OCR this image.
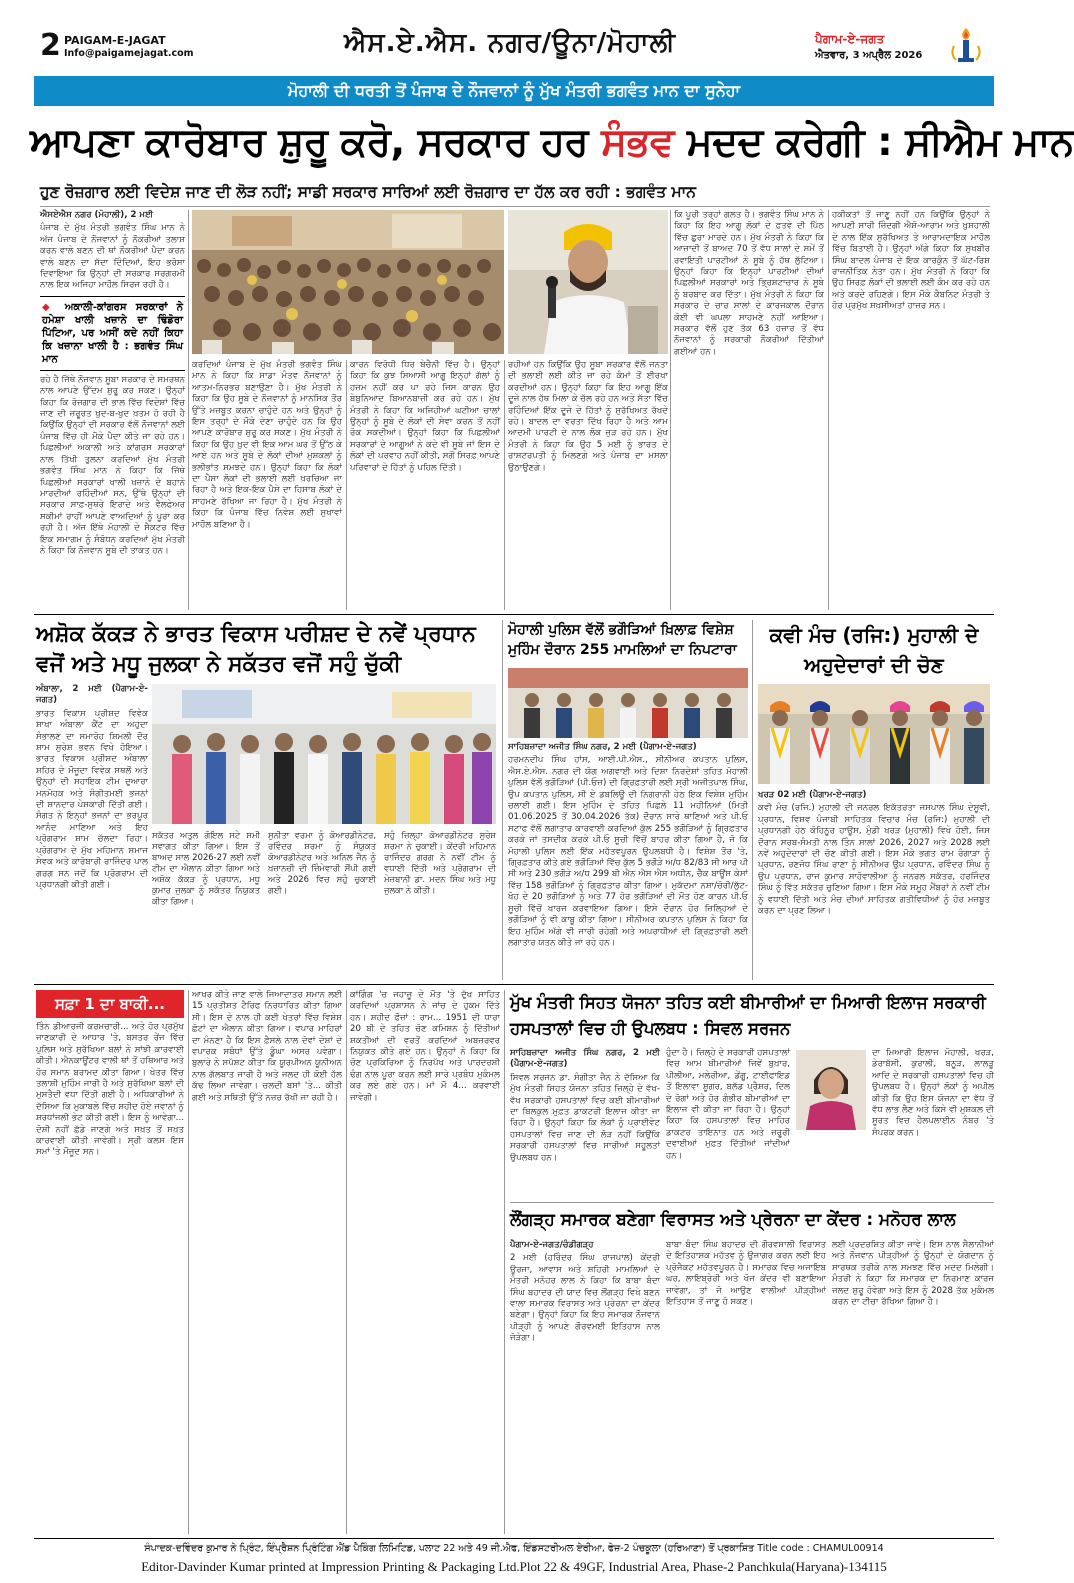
2 PAIGAM-E-JAGAT
Info@paigamejagat.com	ਐਸ.ਏ.ਐਸ. ਨਗਰ/ਊਨਾ/ਮੋਹਾਲੀ	ਪੈਗਾਮ-ਏ-ਜਗਤ
ਐਤਵਾਰ, 3 ਅਪ੍ਰੈਲ 2026
ਮੋਹਾਲੀ ਦੀ ਧਰਤੀ ਤੋਂ ਪੰਜਾਬ ਦੇ ਨੌਜਵਾਨਾਂ ਨੂੰ ਮੁੱਖ ਮੰਤਰੀ ਭਗਵੰਤ ਮਾਨ ਦਾ ਸੁਨੇਹਾ
ਆਪਣਾ ਕਾਰੋਬਾਰ ਸ਼ੁਰੂ ਕਰੋ, ਸਰਕਾਰ ਹਰ ਸੰਭਵ ਮਦਦ ਕਰੇਗੀ : ਸੀਐਮ ਮਾਨ
ਹੁਣ ਰੋਜ਼ਗਾਰ ਲਈ ਵਿਦੇਸ਼ ਜਾਣ ਦੀ ਲੋੜ ਨਹੀਂ; ਸਾਡੀ ਸਰਕਾਰ ਸਾਰਿਆਂ ਲਈ ਰੋਜ਼ਗਾਰ ਦਾ ਹੱਲ ਕਰ ਰਹੀ : ਭਗਵੰਤ ਮਾਨ

ਐਸਏਐਸ ਨਗਰ (ਮੋਹਾਲੀ), 2 ਮਈ

ਪੰਜਾਬ ਦੇ ਮੁੱਖ ਮੰਤਰੀ ਭਗਵੰਤ ਸਿੰਘ ਮਾਨ ਨੇ ਅੱਜ ਪੰਜਾਬ ਦੇ ਨੌਜਵਾਨਾਂ ਨੂੰ ਨੌਕਰੀਆਂ ਤਲਾਸ਼ ਕਰਨ ਵਾਲੇ ਬਣਨ ਦੀ ਥਾਂ ਨੌਕਰੀਆਂ ਪੈਦਾ ਕਰਨ ਵਾਲੇ ਬਣਨ ਦਾ ਸੱਦਾ ਦਿੰਦਿਆਂ, ਇਹ ਭਰੋਸਾ ਦਿਵਾਇਆ ਕਿ ਉਨ੍ਹਾਂ ਦੀ ਸਰਕਾਰ ਸਰਗਰਮੀ ਨਾਲ ਇਕ ਅਜਿਹਾ ਮਾਹੌਲ ਸਿਰਜ ਰਹੀ ਹੈ।

◆ ਅਕਾਲੀ-ਕਾਂਗਰਸ ਸਰਕਾਰਾਂ ਨੇ ਹਮੇਸ਼ਾ ਖਾਲੀ ਖਜ਼ਾਨੇ ਦਾ ਢਿੰਡੋਰਾ ਪਿੱਟਿਆ, ਪਰ ਅਸੀਂ ਕਦੇ ਨਹੀਂ ਕਿਹਾ ਕਿ ਖਜ਼ਾਨਾ ਖਾਲੀ ਹੈ : ਭਗਵੰਤ ਸਿੰਘ ਮਾਨ

ਰਹੇ ਹੈ ਜਿੱਥੇ ਨੌਜਵਾਨ ਸੂਬਾ ਸਰਕਾਰ ਦੇ ਸਮਰਥਨ ਨਾਲ ਆਪਣੇ ਉੱਦਮ ਸ਼ੁਰੂ ਕਰ ਸਕਣ। ਉਨ੍ਹਾਂ ਕਿਹਾ ਕਿ ਰੋਜ਼ਗਾਰ ਦੀ ਭਾਲ ਵਿੱਚ ਵਿਦੇਸ਼ਾਂ ਵਿੱਚ ਜਾਣ ਦੀ ਜ਼ਰੂਰਤ ਖੁਦ-ਬ-ਖੁਦ ਖ਼ਤਮ ਹੋ ਰਹੀ ਹੈ ਕਿਉਂਕਿ ਉਨ੍ਹਾਂ ਦੀ ਸਰਕਾਰ ਵੱਲੋਂ ਨੌਜਵਾਨਾਂ ਲਈ ਪੰਜਾਬ ਵਿੱਚ ਹੀ ਮੌਕੇ ਪੈਦਾ ਕੀਤੇ ਜਾ ਰਹੇ ਹਨ। ਪਿਛਲੀਆਂ ਅਕਾਲੀ ਅਤੇ ਕਾਂਗਰਸ ਸਰਕਾਰਾਂ ਨਾਲ ਤਿੱਖੀ ਤੁਲਨਾ ਕਰਦਿਆਂ ਮੁੱਖ ਮੰਤਰੀ ਭਗਵੰਤ ਸਿੰਘ ਮਾਨ ਨੇ ਕਿਹਾ ਕਿ ਜਿੱਥੇ ਪਿਛਲੀਆਂ ਸਰਕਾਰਾਂ ਖਾਲੀ ਖਜ਼ਾਨੇ ਦੇ ਬਹਾਨੇ ਮਾਰਦੀਆਂ ਰਹਿੰਦੀਆਂ ਸਨ, ਉੱਥੇ ਉਨ੍ਹਾਂ ਦੀ ਸਰਕਾਰ ਸਾਫ਼-ਸੁਥਰੇ ਇਰਾਦੇ ਅਤੇ ਵੈਲਫੇਅਰ ਸਕੀਮਾਂ ਰਾਹੀਂ ਆਪਣੇ ਵਾਅਦਿਆਂ ਨੂੰ ਪੂਰਾ ਕਰ ਰਹੀ ਹੈ। ਅੱਜ ਇੱਥੇ ਮੋਹਾਲੀ ਦੇ ਸੈਕਟਰ ਵਿੱਚ ਇਕ ਸਮਾਗਮ ਨੂੰ ਸੰਬੋਧਨ ਕਰਦਿਆਂ ਮੁੱਖ ਮੰਤਰੀ ਨੇ ਕਿਹਾ ਕਿ ਨੌਜਵਾਨ ਸੂਬੇ ਦੀ ਤਾਕਤ ਹਨ।

ਕਰਦਿਆਂ ਪੰਜਾਬ ਦੇ ਮੁੱਖ ਮੰਤਰੀ ਭਗਵੰਤ ਸਿੰਘ ਮਾਨ ਨੇ ਕਿਹਾ ਕਿ ਸਾਡਾ ਮੰਤਵ ਨੌਜਵਾਨਾਂ ਨੂੰ ਆਤਮ-ਨਿਰਭਰ ਬਣਾਉਣਾ ਹੈ। ਮੁੱਖ ਮੰਤਰੀ ਨੇ ਕਿਹਾ ਕਿ ਉਹ ਸੂਬੇ ਦੇ ਨੌਜਵਾਨਾਂ ਨੂੰ ਮਾਨਸਿਕ ਤੌਰ ਉੱਤੇ ਮਜ਼ਬੂਤ ਕਰਨਾ ਚਾਹੁੰਦੇ ਹਨ ਅਤੇ ਉਨ੍ਹਾਂ ਨੂੰ ਇਸ ਤਰ੍ਹਾਂ ਦੇ ਮੌਕੇ ਦੇਣਾ ਚਾਹੁੰਦੇ ਹਨ ਕਿ ਉਹ ਆਪਣੇ ਕਾਰੋਬਾਰ ਸ਼ੁਰੂ ਕਰ ਸਕਣ। ਮੁੱਖ ਮੰਤਰੀ ਨੇ ਕਿਹਾ ਕਿ ਉਹ ਖ਼ੁਦ ਵੀ ਇਕ ਆਮ ਘਰ ਤੋਂ ਉੱਠ ਕੇ ਆਏ ਹਨ ਅਤੇ ਸੂਬੇ ਦੇ ਲੋਕਾਂ ਦੀਆਂ ਮੁਸ਼ਕਲਾਂ ਨੂੰ ਭਲੀਭਾਂਤ ਸਮਝਦੇ ਹਨ। ਉਨ੍ਹਾਂ ਕਿਹਾ ਕਿ ਲੋਕਾਂ ਦਾ ਪੈਸਾ ਲੋਕਾਂ ਦੀ ਭਲਾਈ ਲਈ ਖ਼ਰਚਿਆ ਜਾ ਰਿਹਾ ਹੈ ਅਤੇ ਇਕ-ਇਕ ਪੈਸੇ ਦਾ ਹਿਸਾਬ ਲੋਕਾਂ ਦੇ ਸਾਹਮਣੇ ਰੱਖਿਆ ਜਾ ਰਿਹਾ ਹੈ। ਮੁੱਖ ਮੰਤਰੀ ਨੇ ਕਿਹਾ ਕਿ ਪੰਜਾਬ ਵਿੱਚ ਨਿਵੇਸ਼ ਲਈ ਸੁਖਾਵਾਂ ਮਾਹੌਲ ਬਣਿਆ ਹੈ।
ਕਾਰਨ ਵਿਰੋਧੀ ਧਿਰ ਬੇਚੈਨੀ ਵਿੱਚ ਹੈ। ਉਨ੍ਹਾਂ ਕਿਹਾ ਕਿ ਕੁਝ ਸਿਆਸੀ ਆਗੂ ਇਨ੍ਹਾਂ ਗੱਲਾਂ ਨੂੰ ਹਜ਼ਮ ਨਹੀਂ ਕਰ ਪਾ ਰਹੇ ਜਿਸ ਕਾਰਨ ਉਹ ਬੇਬੁਨਿਆਦ ਬਿਆਨਬਾਜ਼ੀ ਕਰ ਰਹੇ ਹਨ। ਮੁੱਖ ਮੰਤਰੀ ਨੇ ਕਿਹਾ ਕਿ ਅਜਿਹੀਆਂ ਘਟੀਆ ਚਾਲਾਂ ਉਨ੍ਹਾਂ ਨੂੰ ਸੂਬੇ ਦੇ ਲੋਕਾਂ ਦੀ ਸੇਵਾ ਕਰਨ ਤੋਂ ਨਹੀਂ ਰੋਕ ਸਕਦੀਆਂ। ਉਨ੍ਹਾਂ ਕਿਹਾ ਕਿ ਪਿਛਲੀਆਂ ਸਰਕਾਰਾਂ ਦੇ ਆਗੂਆਂ ਨੇ ਕਦੇ ਵੀ ਸੂਬੇ ਜਾਂ ਇਸ ਦੇ ਲੋਕਾਂ ਦੀ ਪਰਵਾਹ ਨਹੀਂ ਕੀਤੀ, ਸਗੋਂ ਸਿਰਫ਼ ਆਪਣੇ ਪਰਿਵਾਰਾਂ ਦੇ ਹਿੱਤਾਂ ਨੂੰ ਪਹਿਲ ਦਿੱਤੀ।
ਰਹੀਆਂ ਹਨ ਕਿਉਂਕਿ ਉਹ ਸੂਬਾ ਸਰਕਾਰ ਵੱਲੋਂ ਜਨਤਾ ਦੀ ਭਲਾਈ ਲਈ ਕੀਤੇ ਜਾ ਰਹੇ ਕੰਮਾਂ ਤੋਂ ਈਰਖਾ ਕਰਦੀਆਂ ਹਨ। ਉਨ੍ਹਾਂ ਕਿਹਾ ਕਿ ਇਹ ਆਗੂ ਇੱਕ ਦੂਜੇ ਨਾਲ ਹੱਥ ਮਿਲਾ ਕੇ ਚੱਲ ਰਹੇ ਹਨ ਅਤੇ ਸੱਤਾ ਵਿੱਚ ਰਹਿੰਦਿਆਂ ਇੱਕ ਦੂਜੇ ਦੇ ਹਿੱਤਾਂ ਨੂੰ ਸੁਰੱਖਿਅਤ ਰੱਖਦੇ ਰਹੇ। ਬਾਦਲ ਦਾ ਵਰਤਾ ਦਿੱਖ ਰਿਹਾ ਹੈ ਅਤੇ ਆਮ ਆਦਮੀ ਪਾਰਟੀ ਦੇ ਨਾਲ ਲੋਕ ਜੁੜ ਰਹੇ ਹਨ। ਮੁੱਖ ਮੰਤਰੀ ਨੇ ਕਿਹਾ ਕਿ ਉਹ 5 ਮਈ ਨੂੰ ਭਾਰਤ ਦੇ ਰਾਸ਼ਟਰਪਤੀ ਨੂੰ ਮਿਲਣਗੇ ਅਤੇ ਪੰਜਾਬ ਦਾ ਮਸਲਾ ਉਠਾਉਣਗੇ।
ਕਿ ਪੂਰੀ ਤਰ੍ਹਾਂ ਗਲਤ ਹੈ। ਭਗਵੰਤ ਸਿੰਘ ਮਾਨ ਨੇ ਕਿਹਾ ਕਿ ਇਹ ਆਗੂ ਲੋਕਾਂ ਦੇ ਫ਼ਤਵੇ ਦੀ ਪਿੱਠ ਵਿੱਚ ਛੁਰਾ ਮਾਰਦੇ ਹਨ। ਮੁੱਖ ਮੰਤਰੀ ਨੇ ਕਿਹਾ ਕਿ ਆਜ਼ਾਦੀ ਤੋਂ ਬਾਅਦ 70 ਤੋਂ ਵੱਧ ਸਾਲਾਂ ਦੇ ਸਮੇਂ ਤੋਂ ਰਵਾਇਤੀ ਪਾਰਟੀਆਂ ਨੇ ਸੂਬੇ ਨੂੰ ਹੱਥ ਲੁੱਟਿਆ। ਉਨ੍ਹਾਂ ਕਿਹਾ ਕਿ ਇਨ੍ਹਾਂ ਪਾਰਟੀਆਂ ਦੀਆਂ ਪਿਛਲੀਆਂ ਸਰਕਾਰਾਂ ਅਤੇ ਭ੍ਰਿਸ਼ਟਾਚਾਰ ਨੇ ਸੂਬੇ ਨੂੰ ਬਰਬਾਦ ਕਰ ਦਿੱਤਾ। ਮੁੱਖ ਮੰਤਰੀ ਨੇ ਕਿਹਾ ਕਿ ਸਰਕਾਰ ਦੇ ਚਾਰ ਸਾਲਾਂ ਦੇ ਕਾਰਜਕਾਲ ਦੌਰਾਨ ਕੋਈ ਵੀ ਘਪਲਾ ਸਾਹਮਣੇ ਨਹੀਂ ਆਇਆ। ਸਰਕਾਰ ਵੱਲੋਂ ਹੁਣ ਤੱਕ 63 ਹਜ਼ਾਰ ਤੋਂ ਵੱਧ ਨੌਜਵਾਨਾਂ ਨੂੰ ਸਰਕਾਰੀ ਨੌਕਰੀਆਂ ਦਿੱਤੀਆਂ ਗਈਆਂ ਹਨ।
ਹਕੀਕਤਾਂ ਤੋਂ ਜਾਣੂ ਨਹੀਂ ਹਨ ਕਿਉਂਕਿ ਉਨ੍ਹਾਂ ਨੇ ਆਪਣੀ ਸਾਰੀ ਜ਼ਿੰਦਗੀ ਐਸ਼ੋ-ਆਰਾਮ ਅਤੇ ਖ਼ੁਸ਼ਹਾਲੀ ਦੇ ਨਾਲ ਇੱਕ ਸੁਰੱਖਿਅਤ ਤੇ ਆਰਾਮਦਾਇਕ ਮਾਹੌਲ ਵਿੱਚ ਬਿਤਾਈ ਹੈ। ਉਨ੍ਹਾਂ ਅੱਗੇ ਕਿਹਾ ਕਿ ਸੁਖਬੀਰ ਸਿੰਘ ਬਾਦਲ ਪੰਜਾਬ ਦੇ ਇਕ ਕਾਰਕੁੰਨ ਤੋਂ ਘੱਟ-ਰਿਸ਼ ਰਾਜਨੀਤਿਕ ਨੇਤਾ ਹਨ। ਮੁੱਖ ਮੰਤਰੀ ਨੇ ਕਿਹਾ ਕਿ ਉਹ ਸਿਰਫ਼ ਲੋਕਾਂ ਦੀ ਭਲਾਈ ਲਈ ਕੰਮ ਕਰ ਰਹੇ ਹਨ ਅਤੇ ਕਰਦੇ ਰਹਿਣਗੇ। ਇਸ ਮੌਕੇ ਕੈਬਨਿਟ ਮੰਤਰੀ ਤੇ ਹੋਰ ਪ੍ਰਮੁੱਖ ਸ਼ਖ਼ਸੀਅਤਾਂ ਹਾਜ਼ਰ ਸਨ।
ਅਸ਼ੋਕ ਕੱਕੜ ਨੇ ਭਾਰਤ ਵਿਕਾਸ ਪਰੀਸ਼ਦ ਦੇ ਨਵੇਂ ਪ੍ਰਧਾਨ ਵਜੋਂ ਅਤੇ ਮਧੂ ਜੁਲਕਾ ਨੇ ਸਕੱਤਰ ਵਜੋਂ ਸਹੁੰ ਚੁੱਕੀ

ਅੰਬਾਲਾ, 2 ਮਈ (ਪੈਗਾਮ-ਏ-ਜਗਤ)

ਭਾਰਤ ਵਿਕਾਸ ਪ੍ਰੀਸ਼ਦ ਵਿਵੇਕ ਸ਼ਾਖਾ ਅੰਬਾਲਾ ਕੈਂਟ ਦਾ ਅਹੁਦਾ ਸੰਭਾਲਣ ਦਾ ਸਮਾਰੋਹ ਸ਼ਿਮਲੀ ਦੌਰ ਸ਼ਾਮ ਸੁਰੇਸ਼ ਭਵਨ ਵਿਖੇ ਹੋਇਆ। ਭਾਰਤ ਵਿਕਾਸ ਪ੍ਰੀਸ਼ਦ ਅੰਬਾਲਾ ਸ਼ਹਿਰ ਦੇ ਮੌਜੂਦਾ ਵਿਵੇਕ ਸਥਲੋਂ ਅਤੇ ਉਨ੍ਹਾਂ ਦੀ ਸਹਾਇਕ ਟੀਮ ਦੁਆਰਾ ਮਨਮੋਹਕ ਅਤੇ ਸੰਗੀਤਮਈ ਭਜਨਾਂ ਦੀ ਸ਼ਾਨਦਾਰ ਪੇਸ਼ਕਾਰੀ ਦਿੱਤੀ ਗਈ। ਸੰਗਤ ਨੇ ਇਨ੍ਹਾਂ ਭਜਨਾਂ ਦਾ ਭਰਪੂਰ ਆਨੰਦ ਮਾਣਿਆ ਅਤੇ ਇਹ ਪ੍ਰੋਗਰਾਮ ਸ਼ਾਮ ਚੱਲਦਾ ਰਿਹਾ। ਪ੍ਰੋਗਰਾਮ ਦੇ ਮੁੱਖ ਮਹਿਮਾਨ ਸਮਾਜ ਸੇਵਕ ਅਤੇ ਕਾਰੋਬਾਰੀ ਰਾਜਿੰਦਰ ਪਾਲ ਗਰਗ ਸਨ ਜਦੋਂ ਕਿ ਪ੍ਰੋਗਰਾਮ ਦੀ ਪ੍ਰਧਾਨਗੀ ਕੀਤੀ ਗਈ।

ਸਕੱਤਰ ਅਤੁਲ ਗੋਇਲ ਸਟੇ ਸਮੀ ਸਵਾਗਤ ਕੀਤਾ ਗਿਆ। ਇਸ ਤੋਂ ਬਾਅਦ ਸਾਲ 2026-27 ਲਈ ਨਵੀਂ ਟੀਮ ਦਾ ਐਲਾਨ ਕੀਤਾ ਗਿਆ ਅਤੇ ਅਸ਼ੋਕ ਕੱਕੜ ਨੂੰ ਪ੍ਰਧਾਨ, ਮਧੂ ਕੁਮਾਰ ਜੁਲਕਾ ਨੂੰ ਸਕੱਤਰ ਨਿਯੁਕਤ ਕੀਤਾ ਗਿਆ।
ਸੁਨੀਤਾ ਵਰਮਾ ਨੂੰ ਕੋਆਰਡੀਨੇਟਰ, ਰਵਿੰਦਰ ਸ਼ਰਮਾ ਨੂੰ ਸੰਯੁਕਤ ਕੋਆਰਡੀਨੇਟਰ ਅਤੇ ਅਨਿਲ ਜੈਨ ਨੂੰ ਖ਼ਜ਼ਾਨਚੀ ਦੀ ਜ਼ਿੰਮੇਵਾਰੀ ਸੌਂਪੀ ਗਈ ਅਤੇ 2026 ਵਿਚ ਸਹੁੰ ਚੁਕਾਈ ਗਈ।
ਸਹੁੰ ਜ਼ਿਲ੍ਹਾ ਕੋਆਰਡੀਨੇਟਰ ਸੁਰੇਸ਼ ਸ਼ਰਮਾ ਨੇ ਚੁਕਾਈ। ਕੇਂਦਰੀ ਮਹਿਮਾਨ ਰਾਜਿੰਦਰ ਗਰਗ ਨੇ ਨਵੀਂ ਟੀਮ ਨੂੰ ਵਧਾਈ ਦਿੱਤੀ ਅਤੇ ਪ੍ਰੋਗਰਾਮ ਦੀ ਮੇਜ਼ਬਾਨੀ ਡਾ. ਮਦਨ ਸਿੰਘ ਅਤੇ ਮਧੂ ਜੁਲਕਾ ਨੇ ਕੀਤੀ।
ਮੋਹਾਲੀ ਪੁਲਿਸ ਵੱਲੋਂ ਭਗੌੜਿਆਂ ਖ਼ਿਲਾਫ਼ ਵਿਸ਼ੇਸ਼ ਮੁਹਿੰਮ ਦੌਰਾਨ 255 ਮਾਮਲਿਆਂ ਦਾ ਨਿਪਟਾਰਾ

ਸਾਹਿਬਜ਼ਾਦਾ ਅਜੀਤ ਸਿੰਘ ਨਗਰ, 2 ਮਈ (ਪੈਗਾਮ-ਏ-ਜਗਤ)

ਹਰਮਨਦੀਪ ਸਿੰਘ ਹਾਂਸ, ਆਈ.ਪੀ.ਐਸ., ਸੀਨੀਅਰ ਕਪਤਾਨ ਪੁਲਿਸ, ਐਸ.ਏ.ਐਸ. ਨਗਰ ਦੀ ਯੋਗ ਅਗਵਾਈ ਅਤੇ ਦਿਸ਼ਾ ਨਿਰਦੇਸ਼ਾਂ ਤਹਿਤ ਮੋਹਾਲੀ ਪੁਲਿਸ ਵੱਲੋਂ ਭਗੌੜਿਆਂ (ਪੀ.ਓਜ਼) ਦੀ ਗ੍ਰਿਫ਼ਤਾਰੀ ਲਈ ਸ੍ਰੀ ਅਜੀਤਪਾਲ ਸਿੰਘ, ਉਪ ਕਪਤਾਨ ਪੁਲਿਸ, ਸੀ ਏ ਡਬਲਿਊ ਦੀ ਨਿਗਰਾਨੀ ਹੇਠ ਇਕ ਵਿਸ਼ੇਸ਼ ਮੁਹਿੰਮ ਚਲਾਈ ਗਈ। ਇਸ ਮੁਹਿੰਮ ਦੇ ਤਹਿਤ ਪਿਛਲੇ 11 ਮਹੀਨਿਆਂ (ਮਿਤੀ 01.06.2025 ਤੋਂ 30.04.2026 ਤੱਕ) ਦੌਰਾਨ ਸਾਰੇ ਥਾਣਿਆਂ ਅਤੇ ਪੀ.ਓ ਸਟਾਫ ਵੱਲੋਂ ਲਗਾਤਾਰ ਕਾਰਵਾਈ ਕਰਦਿਆਂ ਕੁੱਲ 255 ਭਗੌੜਿਆਂ ਨੂੰ ਗ੍ਰਿਫ਼ਤਾਰ ਕਰਕੇ ਜਾਂ ਤਸਦੀਕ ਕਰਕੇ ਪੀ.ਓ ਸੂਚੀ ਵਿੱਚੋਂ ਬਾਹਰ ਕੀਤਾ ਗਿਆ ਹੈ, ਜੋ ਕਿ ਮੋਹਾਲੀ ਪੁਲਿਸ ਲਈ ਇੱਕ ਮਹੱਤਵਪੂਰਨ ਉਪਲਬਧੀ ਹੈ। ਵਿਸ਼ੇਸ਼ ਤੌਰ 'ਤੇ, ਗ੍ਰਿਫ਼ਤਾਰ ਕੀਤੇ ਗਏ ਭਗੌੜਿਆਂ ਵਿੱਚ ਕੁੱਲ 5 ਭਗੌੜੇ ਅ/ਧ 82/83 ਸੀ ਆਰ ਪੀ ਸੀ ਅਤੇ 230 ਭਗੌੜੇ ਅ/ਧ 299 ਬੀ ਐਨ ਐਸ ਐਸ ਅਧੀਨ, ਚੈੱਕ ਬਾਊਂਸ ਕੇਸਾਂ ਵਿੱਚ 158 ਭਗੌੜਿਆਂ ਨੂੰ ਗ੍ਰਿਫ਼ਤਾਰ ਕੀਤਾ ਗਿਆ। ਮੁਕੱਦਮਾ ਨਸ਼ਾ/ਚੋਰੀ/ਲੁੱਟ-ਖੋਹ ਦੇ 20 ਭਗੌੜਿਆਂ ਨੂੰ ਅਤੇ 77 ਹੋਰ ਭਗੌੜਿਆਂ ਦੀ ਮੌਤ ਹੋਣ ਕਾਰਨ ਪੀ.ਓ ਸੂਚੀ ਵਿੱਚੋਂ ਖਾਰਜ ਕਰਵਾਇਆ ਗਿਆ। ਇਸੇ ਦੌਰਾਨ ਹੋਰ ਜ਼ਿਲ੍ਹਿਆਂ ਦੇ ਭਗੌੜਿਆਂ ਨੂੰ ਵੀ ਕਾਬੂ ਕੀਤਾ ਗਿਆ। ਸੀਨੀਅਰ ਕਪਤਾਨ ਪੁਲਿਸ ਨੇ ਕਿਹਾ ਕਿ ਇਹ ਮੁਹਿੰਮ ਅੱਗੇ ਵੀ ਜਾਰੀ ਰਹੇਗੀ ਅਤੇ ਅਪਰਾਧੀਆਂ ਦੀ ਗ੍ਰਿਫ਼ਤਾਰੀ ਲਈ ਲਗਾਤਾਰ ਯਤਨ ਕੀਤੇ ਜਾ ਰਹੇ ਹਨ।

ਕਵੀ ਮੰਚ (ਰਜਿ:) ਮੁਹਾਲੀ ਦੇ ਅਹੁਦੇਦਾਰਾਂ ਦੀ ਚੋਣ

ਖਰੜ 02 ਮਈ (ਪੈਗਾਮ-ਏ-ਜਗਤ)

ਕਵੀ ਮੰਚ (ਰਜਿ.) ਮੁਹਾਲੀ ਦੀ ਜਨਰਲ ਇਕੱਤਰਤਾ ਜਸਪਾਲ ਸਿੰਘ ਦੇਸੂਵੀ, ਪ੍ਰਧਾਨ, ਵਿਸ਼ਵ ਪੰਜਾਬੀ ਸਾਹਿਤਕ ਵਿਚਾਰ ਮੰਚ (ਰਜਿ:) ਮੁਹਾਲੀ ਦੀ ਪ੍ਰਧਾਨਗੀ ਹੇਠ ਕੋਹਿਨੂਰ ਹਾਊਸ, ਮੁੰਡੀ ਖਰੜ (ਮੁਹਾਲੀ) ਵਿਖੇ ਹੋਈ, ਜਿਸ ਦੌਰਾਨ ਸਰਬ-ਸੰਮਤੀ ਨਾਲ ਤਿੰਨ ਸਾਲਾਂ 2026, 2027 ਅਤੇ 2028 ਲਈ ਨਵੇਂ ਅਹੁਦੇਦਾਰਾਂ ਦੀ ਚੋਣ ਕੀਤੀ ਗਈ। ਇਸ ਮੌਕੇ ਭਗਤ ਰਾਮ ਰੰਗਾੜਾ ਨੂੰ ਪ੍ਰਧਾਨ, ਰਣਜੋਧ ਸਿੰਘ ਰਾਣਾ ਨੂੰ ਸੀਨੀਅਰ ਉਪ ਪ੍ਰਧਾਨ, ਰਵਿੰਦਰ ਸਿੰਘ ਨੂੰ ਉਪ ਪ੍ਰਧਾਨ, ਰਾਜ ਕੁਮਾਰ ਸਾਹੋਵਾਲੀਆ ਨੂੰ ਜਨਰਲ ਸਕੱਤਰ, ਹਰਜਿੰਦਰ ਸਿੰਘ ਨੂੰ ਵਿੱਤ ਸਕੱਤਰ ਚੁਣਿਆ ਗਿਆ। ਇਸ ਮੌਕੇ ਸਮੂਹ ਮੈਂਬਰਾਂ ਨੇ ਨਵੀਂ ਟੀਮ ਨੂੰ ਵਧਾਈ ਦਿੱਤੀ ਅਤੇ ਮੰਚ ਦੀਆਂ ਸਾਹਿਤਕ ਗਤੀਵਿਧੀਆਂ ਨੂੰ ਹੋਰ ਮਜ਼ਬੂਤ ਕਰਨ ਦਾ ਪ੍ਰਣ ਲਿਆ।

ਸਫ਼ਾ 1 ਦਾ ਬਾਕੀ...
ਤਿੰਨ ਡੀਆਰਜੀ ਕਰਮਚਾਰੀ... ਅਤੇ ਹੋਰ ਪ੍ਰਮੁੱਖ ਜਾਣਕਾਰੀ ਦੇ ਆਧਾਰ 'ਤੇ, ਬਸਤਰ ਰੇਂਜ ਵਿੱਚ ਪੁਲਿਸ ਅਤੇ ਸੁਰੱਖਿਆ ਬਲਾਂ ਨੇ ਸਾਂਝੀ ਕਾਰਵਾਈ ਕੀਤੀ। ਐਨਕਾਊਂਟਰ ਵਾਲੀ ਥਾਂ ਤੋਂ ਹਥਿਆਰ ਅਤੇ ਹੋਰ ਸਮਾਨ ਬਰਾਮਦ ਕੀਤਾ ਗਿਆ। ਖੇਤਰ ਵਿੱਚ ਤਲਾਸ਼ੀ ਮੁਹਿੰਮ ਜਾਰੀ ਹੈ ਅਤੇ ਸੁਰੱਖਿਆ ਬਲਾਂ ਦੀ ਮੁਸਤੈਦੀ ਵਧਾ ਦਿੱਤੀ ਗਈ ਹੈ। ਅਧਿਕਾਰੀਆਂ ਨੇ ਦੱਸਿਆ ਕਿ ਮੁਕਾਬਲੇ ਵਿੱਚ ਸ਼ਹੀਦ ਹੋਏ ਜਵਾਨਾਂ ਨੂੰ ਸ਼ਰਧਾਂਜਲੀ ਭੇਟ ਕੀਤੀ ਗਈ। ਇਸ ਨੂੰ ਆਵੇਗਾ... ਦੋਸ਼ੀ ਨਹੀਂ ਛੱਡੇ ਜਾਣਗੇ ਅਤੇ ਸਖ਼ਤ ਤੋਂ ਸਖ਼ਤ ਕਾਰਵਾਈ ਕੀਤੀ ਜਾਵੇਗੀ। ਸ੍ਰੀ ਕਲਸ ਇਸ ਸਮਾਂ 'ਤੇ ਮੌਜੂਦ ਸਨ।
ਆਖਰ ਕੀਤੇ ਜਾਣ ਵਾਲੇ ਜਿਆਦਾਤਰ ਸਮਾਨ ਲਈ 15 ਪ੍ਰਤੀਸ਼ਤ ਟੈਰਿਫ ਨਿਰਧਾਰਿਤ ਕੀਤਾ ਗਿਆ ਸੀ। ਇਸ ਦੇ ਨਾਲ ਹੀ ਕਈ ਖੇਤਰਾਂ ਵਿੱਚ ਵਿਸ਼ੇਸ਼ ਛੋਟਾਂ ਦਾ ਐਲਾਨ ਕੀਤਾ ਗਿਆ। ਵਪਾਰ ਮਾਹਿਰਾਂ ਦਾ ਮੰਨਣਾ ਹੈ ਕਿ ਇਸ ਫ਼ੈਸਲੇ ਨਾਲ ਦੋਵਾਂ ਦੇਸ਼ਾਂ ਦੇ ਵਪਾਰਕ ਸਬੰਧਾਂ ਉੱਤੇ ਡੂੰਘਾ ਅਸਰ ਪਵੇਗਾ। ਬੁਲਾਰੇ ਨੇ ਸਪੱਸ਼ਟ ਕੀਤਾ ਕਿ ਯੂਰਪੀਅਨ ਯੂਨੀਅਨ ਨਾਲ ਗੱਲਬਾਤ ਜਾਰੀ ਹੈ ਅਤੇ ਜਲਦ ਹੀ ਕੋਈ ਹੱਲ ਕੱਢ ਲਿਆ ਜਾਵੇਗਾ। ਚਲਦੀ ਬਸਾਂ 'ਤੇ... ਕੀਤੀ ਗਈ ਅਤੇ ਸਥਿਤੀ ਉੱਤੇ ਨਜ਼ਰ ਰੱਖੀ ਜਾ ਰਹੀ ਹੈ।
ਕਾਂਗਿੰਗ 'ਚ ਜਹਾਜ਼ੂ ਦੇ ਮੌਤ 'ਤੇ ਦੁੱਖ ਸਾਹਿਤ ਕਰਦਿਆਂ ਪ੍ਰਸ਼ਾਸਨ ਨੇ ਜਾਂਚ ਦੇ ਹੁਕਮ ਦਿੱਤੇ ਹਨ। ਸ਼ਹੀਦ ਫੌਜ਼ਾਂ : ਰਾਮ... 1951 ਦੀ ਧਾਰਾ 20 ਬੀ ਦੇ ਤਹਿਤ ਚੋਣ ਕਮਿਸ਼ਨ ਨੂੰ ਦਿੱਤੀਆਂ ਸ਼ਕਤੀਆਂ ਦੀ ਵਰਤੋਂ ਕਰਦਿਆਂ ਅਬਜ਼ਰਵਰ ਨਿਯੁਕਤ ਕੀਤੇ ਗਏ ਹਨ। ਉਨ੍ਹਾਂ ਨੇ ਕਿਹਾ ਕਿ ਚੋਣ ਪ੍ਰਕਿਰਿਆ ਨੂੰ ਨਿਰਪੱਖ ਅਤੇ ਪਾਰਦਰਸ਼ੀ ਢੰਗ ਨਾਲ ਪੂਰਾ ਕਰਨ ਲਈ ਸਾਰੇ ਪ੍ਰਬੰਧ ਮੁਕੰਮਲ ਕਰ ਲਏ ਗਏ ਹਨ। ਮਾਂ ਮੌ 4... ਕਰਵਾਈ ਜਾਵੇਗੀ।
ਮੁੱਖ ਮੰਤਰੀ ਸਿਹਤ ਯੋਜਨਾ ਤਹਿਤ ਕਈ ਬੀਮਾਰੀਆਂ ਦਾ ਮਿਆਰੀ ਇਲਾਜ ਸਰਕਾਰੀ ਹਸਪਤਾਲਾਂ ਵਿਚ ਹੀ ਉਪਲਬਧ : ਸਿਵਲ ਸਰਜਨ

ਸਾਹਿਬਜ਼ਾਦਾ ਅਜੀਤ ਸਿੰਘ ਨਗਰ, 2 ਮਈ (ਪੈਗਾਮ-ਏ-ਜਗਤ)

ਸਿਵਲ ਸਰਜਨ ਡਾ. ਸੰਗੀਤਾ ਜੈਨ ਨੇ ਦੱਸਿਆ ਕਿ ਮੁੱਖ ਮੰਤਰੀ ਸਿਹਤ ਯੋਜਨਾ ਤਹਿਤ ਜ਼ਿਲ੍ਹੇ ਦੇ ਵੱਖ-ਵੱਖ ਸਰਕਾਰੀ ਹਸਪਤਾਲਾਂ ਵਿਚ ਕਈ ਬੀਮਾਰੀਆਂ ਦਾ ਬਿਲਕੁਲ ਮੁਫ਼ਤ ਡਾਕਟਰੀ ਇਲਾਜ ਕੀਤਾ ਜਾ ਰਿਹਾ ਹੈ। ਉਨ੍ਹਾਂ ਕਿਹਾ ਕਿ ਲੋਕਾਂ ਨੂੰ ਪ੍ਰਾਈਵੇਟ ਹਸਪਤਾਲਾਂ ਵਿਚ ਜਾਣ ਦੀ ਲੋੜ ਨਹੀਂ ਕਿਉਂਕਿ ਸਰਕਾਰੀ ਹਸਪਤਾਲਾਂ ਵਿਚ ਸਾਰੀਆਂ ਸਹੂਲਤਾਂ ਉਪਲਬਧ ਹਨ।

ਹੁੰਦਾ ਹੈ। ਜ਼ਿਲ੍ਹੇ ਦੇ ਸਰਕਾਰੀ ਹਸਪਤਾਲਾਂ ਵਿਚ ਆਮ ਬੀਮਾਰੀਆਂ ਜਿਵੇਂ ਬੁਖ਼ਾਰ, ਪੀਲੀਆ, ਮਲੇਰੀਆ, ਡੇਂਗੂ, ਟਾਈਫਾਇਡ ਤੋਂ ਇਲਾਵਾ ਸ਼ੂਗਰ, ਬਲੱਡ ਪ੍ਰੈਸ਼ਰ, ਦਿਲ ਦੇ ਰੋਗਾਂ ਅਤੇ ਹੋਰ ਗੰਭੀਰ ਬੀਮਾਰੀਆਂ ਦਾ ਇਲਾਜ ਵੀ ਕੀਤਾ ਜਾ ਰਿਹਾ ਹੈ। ਉਨ੍ਹਾਂ ਕਿਹਾ ਕਿ ਹਸਪਤਾਲਾਂ ਵਿਚ ਮਾਹਿਰ ਡਾਕਟਰ ਤਾਇਨਾਤ ਹਨ ਅਤੇ ਜ਼ਰੂਰੀ ਦਵਾਈਆਂ ਮੁਫ਼ਤ ਦਿੱਤੀਆਂ ਜਾਂਦੀਆਂ ਹਨ।
ਦਾ ਮਿਆਰੀ ਇਲਾਜ ਮੋਹਾਲੀ, ਖਰੜ, ਡੇਰਾਬੱਸੀ, ਕੁਰਾਲੀ, ਬਨੂੜ, ਲਾਲੜੂ ਆਦਿ ਦੇ ਸਰਕਾਰੀ ਹਸਪਤਾਲਾਂ ਵਿਚ ਹੀ ਉਪਲਬਧ ਹੈ। ਉਨ੍ਹਾਂ ਲੋਕਾਂ ਨੂੰ ਅਪੀਲ ਕੀਤੀ ਕਿ ਉਹ ਇਸ ਯੋਜਨਾ ਦਾ ਵੱਧ ਤੋਂ ਵੱਧ ਲਾਭ ਲੈਣ ਅਤੇ ਕਿਸੇ ਵੀ ਮੁਸ਼ਕਲ ਦੀ ਸੂਰਤ ਵਿਚ ਹੈਲਪਲਾਈਨ ਨੰਬਰ 'ਤੇ ਸੰਪਰਕ ਕਰਨ।
ਲੌਂਗੜ੍ਹ ਸਮਾਰਕ ਬਣੇਗਾ ਵਿਰਾਸਤ ਅਤੇ ਪ੍ਰੇਰਨਾ ਦਾ ਕੇਂਦਰ : ਮਨੋਹਰ ਲਾਲ

ਪੈਗਾਮ-ਏ-ਜਗਤ/ਚੰਡੀਗੜ੍ਹ

2 ਮਈ (ਹਰਿੰਦਰ ਸਿੰਘ ਰਾਜਪਾਲ) ਕੇਂਦਰੀ ਊਰਜਾ, ਆਵਾਸ ਅਤੇ ਸ਼ਹਿਰੀ ਮਾਮਲਿਆਂ ਦੇ ਮੰਤਰੀ ਮਨੋਹਰ ਲਾਲ ਨੇ ਕਿਹਾ ਕਿ ਬਾਬਾ ਬੰਦਾ ਸਿੰਘ ਬਹਾਦਰ ਦੀ ਯਾਦ ਵਿਚ ਲੌਂਗੜ੍ਹ ਵਿਖੇ ਬਣਨ ਵਾਲਾ ਸਮਾਰਕ ਵਿਰਾਸਤ ਅਤੇ ਪ੍ਰੇਰਨਾ ਦਾ ਕੇਂਦਰ ਬਣੇਗਾ। ਉਨ੍ਹਾਂ ਕਿਹਾ ਕਿ ਇਹ ਸਮਾਰਕ ਨੌਜਵਾਨ ਪੀੜ੍ਹੀ ਨੂੰ ਆਪਣੇ ਗੌਰਵਮਈ ਇਤਿਹਾਸ ਨਾਲ ਜੋੜੇਗਾ।

ਬਾਬਾ ਬੰਦਾ ਸਿੰਘ ਬਹਾਦਰ ਦੀ ਗੌਰਵਸ਼ਾਲੀ ਵਿਰਾਸਤ ਦੇ ਇਤਿਹਾਸਕ ਮਹੱਤਵ ਨੂੰ ਉਜਾਗਰ ਕਰਨ ਲਈ ਇਹ ਪ੍ਰੋਜੈਕਟ ਮਹੱਤਵਪੂਰਨ ਹੈ। ਸਮਾਰਕ ਵਿਚ ਅਜਾਇਬ ਘਰ, ਲਾਇਬ੍ਰੇਰੀ ਅਤੇ ਖੋਜ ਕੇਂਦਰ ਵੀ ਬਣਾਇਆ ਜਾਵੇਗਾ, ਤਾਂ ਜੋ ਆਉਣ ਵਾਲੀਆਂ ਪੀੜ੍ਹੀਆਂ ਇਤਿਹਾਸ ਤੋਂ ਜਾਣੂ ਹੋ ਸਕਣ।
ਲਈ ਪ੍ਰਦਰਸ਼ਿਤ ਕੀਤਾ ਜਾਵੇ। ਇਸ ਨਾਲ ਸੈਲਾਨੀਆਂ ਅਤੇ ਨੌਜਵਾਨ ਪੀੜ੍ਹੀਆਂ ਨੂੰ ਉਨ੍ਹਾਂ ਦੇ ਯੋਗਦਾਨ ਨੂੰ ਸਾਰਥਕ ਤਰੀਕੇ ਨਾਲ ਸਮਝਣ ਵਿੱਚ ਮਦਦ ਮਿਲੇਗੀ। ਮੰਤਰੀ ਨੇ ਕਿਹਾ ਕਿ ਸਮਾਰਕ ਦਾ ਨਿਰਮਾਣ ਕਾਰਜ ਜਲਦ ਸ਼ੁਰੂ ਹੋਵੇਗਾ ਅਤੇ ਇਸ ਨੂੰ 2028 ਤੱਕ ਮੁਕੰਮਲ ਕਰਨ ਦਾ ਟੀਚਾ ਰੱਖਿਆ ਗਿਆ ਹੈ।
ਸੰਪਾਦਕ-ਦਵਿੰਦਰ ਕੁਮਾਰ ਨੇ ਪ੍ਰਿੰਟ, ਇੰਪ੍ਰੈਸ਼ਨ ਪ੍ਰਿੰਟਿੰਗ ਐਂਡ ਪੈਕਿੰਗ ਲਿਮਿਟਿਡ, ਪਲਾਟ 22 ਅਤੇ 49 ਜੀ.ਐਫ, ਇੰਡਸਟਰੀਅਲ ਏਰੀਆ, ਫੇਜ਼-2 ਪੰਚਕੂਲਾ (ਹਰਿਆਣਾ) ਤੋਂ ਪ੍ਰਕਾਸ਼ਿਤ Title code : CHAMUL00914
Editor-Davinder Kumar printed at Impression Printing & Packaging Ltd.Plot 22 & 49GF, Industrial Area, Phase-2 Panchkula(Haryana)-134115
